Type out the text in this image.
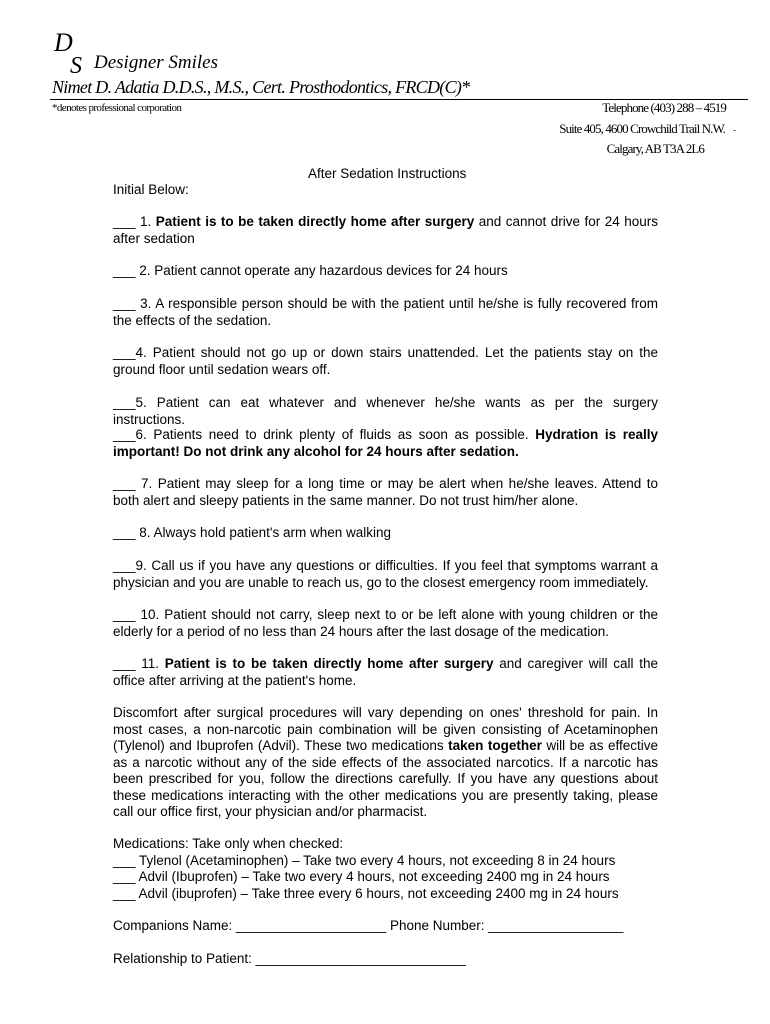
D
S Designer Smiles
Nimet D. Adatia D.D.S., M.S., Cert. Prosthodontics, FRCD(C)*
*denotes professional corporation	Telephone (403) 288 – 4519
Suite 405, 4600 Crowchild Trail N.W. -
Calgary, AB T3A 2L6
After Sedation Instructions
Initial Below:

___ 1. Patient is to be taken directly home after surgery and cannot drive for 24 hours after sedation

___ 2. Patient cannot operate any hazardous devices for 24 hours

___ 3. A responsible person should be with the patient until he/she is fully recovered from the effects of the sedation.

___4. Patient should not go up or down stairs unattended. Let the patients stay on the ground floor until sedation wears off.

___5. Patient can eat whatever and whenever he/she wants as per the surgery instructions.

___6. Patients need to drink plenty of fluids as soon as possible. Hydration is really important! Do not drink any alcohol for 24 hours after sedation.

___ 7. Patient may sleep for a long time or may be alert when he/she leaves. Attend to both alert and sleepy patients in the same manner. Do not trust him/her alone.

___ 8. Always hold patient's arm when walking

___9. Call us if you have any questions or difficulties. If you feel that symptoms warrant a physician and you are unable to reach us, go to the closest emergency room immediately.

___ 10. Patient should not carry, sleep next to or be left alone with young children or the elderly for a period of no less than 24 hours after the last dosage of the medication.

___ 11. Patient is to be taken directly home after surgery and caregiver will call the office after arriving at the patient's home.

Discomfort after surgical procedures will vary depending on ones' threshold for pain. In most cases, a non-narcotic pain combination will be given consisting of Acetaminophen (Tylenol) and Ibuprofen (Advil). These two medications taken together will be as effective as a narcotic without any of the side effects of the associated narcotics. If a narcotic has been prescribed for you, follow the directions carefully. If you have any questions about these medications interacting with the other medications you are presently taking, please call our office first, your physician and/or pharmacist.

Medications: Take only when checked:
___ Tylenol (Acetaminophen) – Take two every 4 hours, not exceeding 8 in 24 hours
___ Advil (Ibuprofen) – Take two every 4 hours, not exceeding 2400 mg in 24 hours
___ Advil (ibuprofen) – Take three every 6 hours, not exceeding 2400 mg in 24 hours
Companions Name: ____________________ Phone Number: __________________
Relationship to Patient: ____________________________
